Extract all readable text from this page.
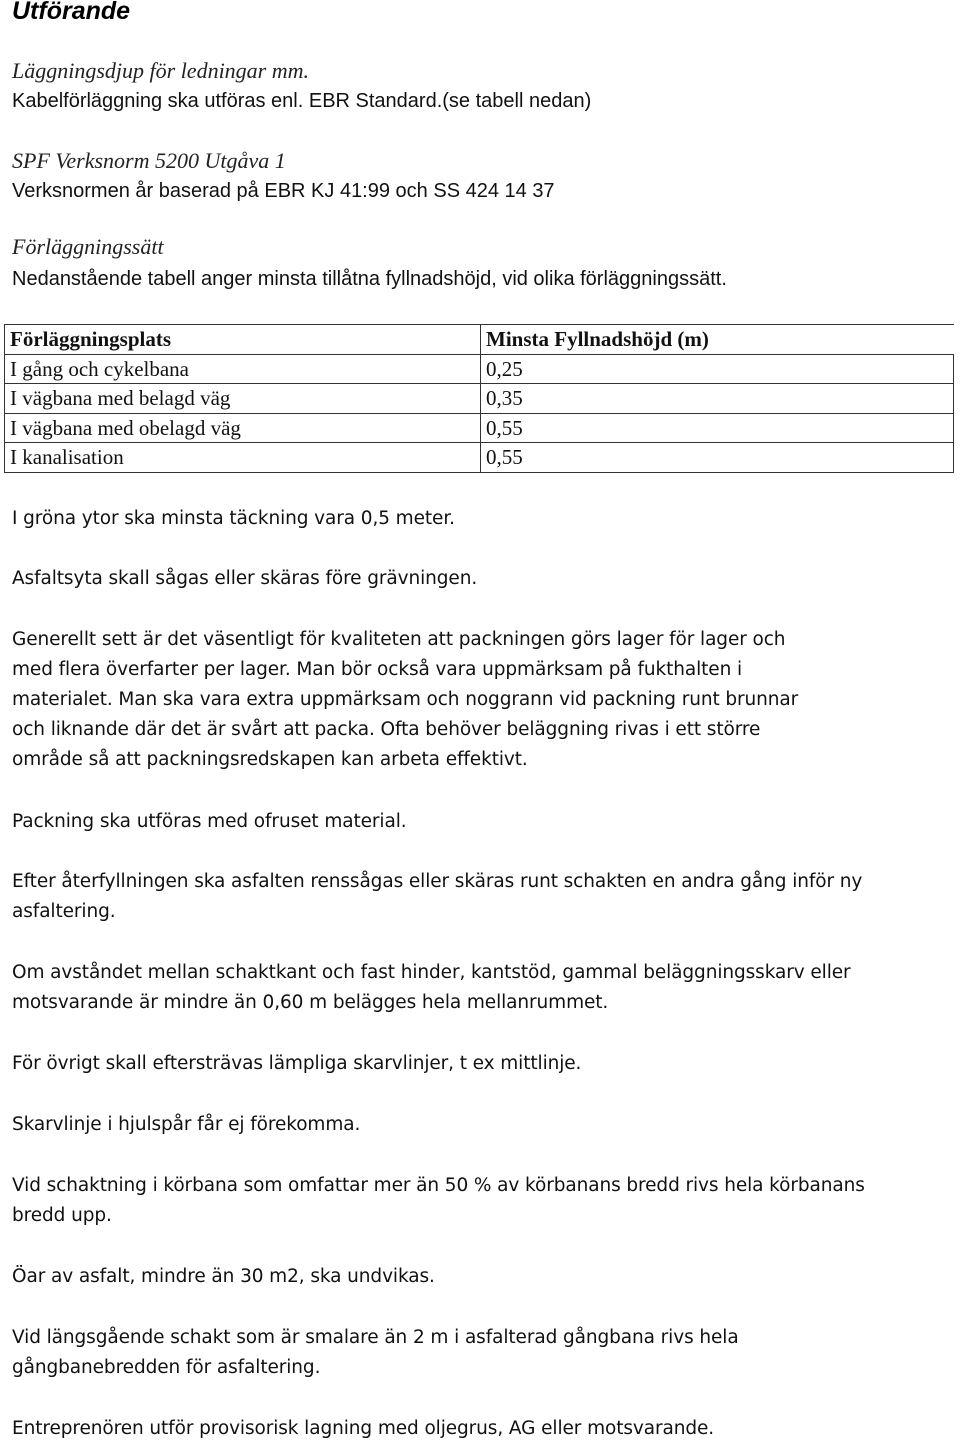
Utförande
Läggningsdjup för ledningar mm.
Kabelförläggning ska utföras enl. EBR Standard.(se tabell nedan)
SPF Verksnorm 5200 Utgåva 1
Verksnormen år baserad på EBR KJ 41:99 och SS 424 14 37
Förläggningssätt
Nedanstående tabell anger minsta tillåtna fyllnadshöjd, vid olika förläggningssätt.
Förläggningsplats	Minsta Fyllnadshöjd (m)	
I gång och cykelbana	0,25	
I vägbana med belagd väg	0,35	
I vägbana med obelagd väg	0,55	
I kanalisation	0,55	
I gröna ytor ska minsta täckning vara 0,5 meter.
Asfaltsyta skall sågas eller skäras före grävningen.
Generellt sett är det väsentligt för kvaliteten att packningen görs lager för lager och
med flera överfarter per lager. Man bör också vara uppmärksam på fukthalten i
materialet. Man ska vara extra uppmärksam och noggrann vid packning runt brunnar
och liknande där det är svårt att packa. Ofta behöver beläggning rivas i ett större
område så att packningsredskapen kan arbeta effektivt.
Packning ska utföras med ofruset material.
Efter återfyllningen ska asfalten renssågas eller skäras runt schakten en andra gång inför ny
asfaltering.
Om avståndet mellan schaktkant och fast hinder, kantstöd, gammal beläggningsskarv eller
motsvarande är mindre än 0,60 m belägges hela mellanrummet.
För övrigt skall eftersträvas lämpliga skarvlinjer, t ex mittlinje.
Skarvlinje i hjulspår får ej förekomma.
Vid schaktning i körbana som omfattar mer än 50 % av körbanans bredd rivs hela körbanans
bredd upp.
Öar av asfalt, mindre än 30 m2, ska undvikas.
Vid längsgående schakt som är smalare än 2 m i asfalterad gångbana rivs hela
gångbanebredden för asfaltering.
Entreprenören utför provisorisk lagning med oljegrus, AG eller motsvarande.
